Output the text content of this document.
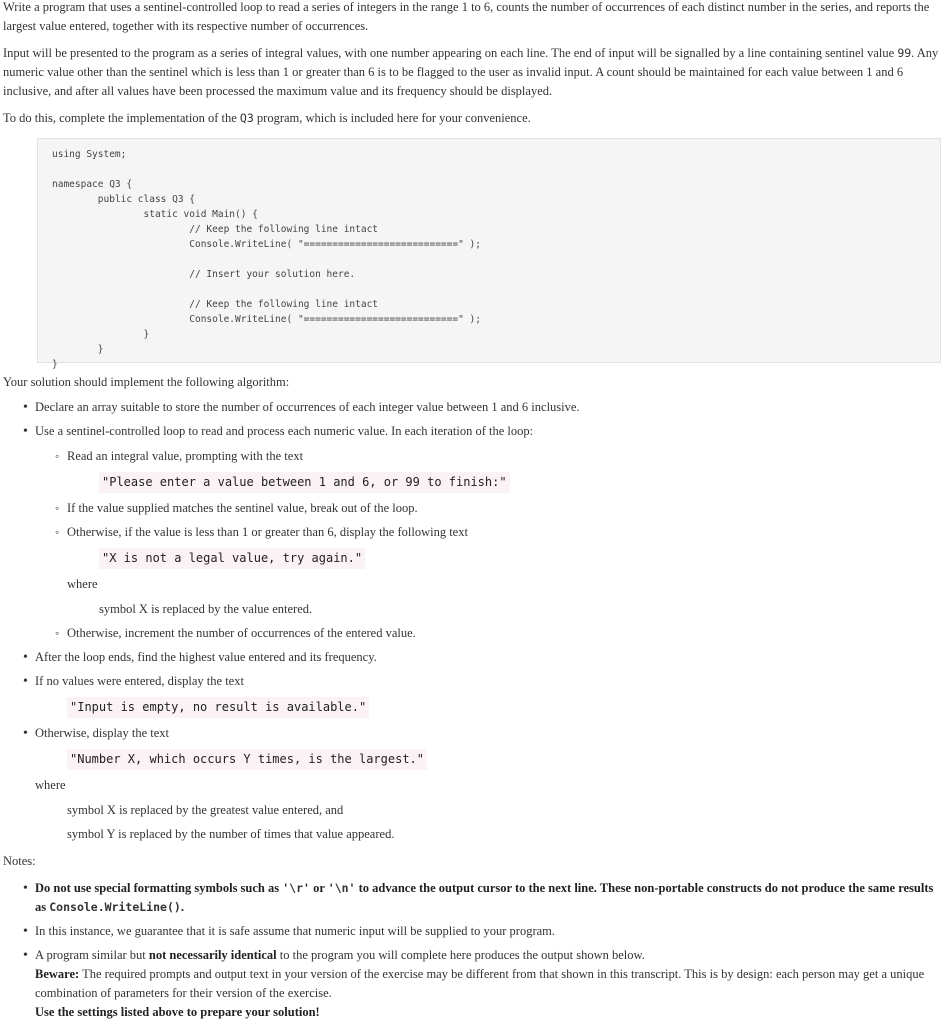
Write a program that uses a sentinel-controlled loop to read a series of integers in the range 1 to 6, counts the number of occurrences of each distinct number in the series, and reports the largest value entered, together with its respective number of occurrences.

Input will be presented to the program as a series of integral values, with one number appearing on each line. The end of input will be signalled by a line containing sentinel value 99. Any numeric value other than the sentinel which is less than 1 or greater than 6 is to be flagged to the user as invalid input. A count should be maintained for each value between 1 and 6 inclusive, and after all values have been processed the maximum value and its frequency should be displayed.

To do this, complete the implementation of the Q3 program, which is included here for your convenience.

using System;

namespace Q3 {
public class Q3 {
static void Main() {
// Keep the following line intact
Console.WriteLine( "===========================" );

// Insert your solution here.

// Keep the following line intact
Console.WriteLine( "===========================" );
}
}
}

Your solution should implement the following algorithm:

• Declare an array suitable to store the number of occurrences of each integer value between 1 and 6 inclusive.
• Use a sentinel-controlled loop to read and process each numeric value. In each iteration of the loop:
◦ Read an integral value, prompting with the text
"Please enter a value between 1 and 6, or 99 to finish:"
◦ If the value supplied matches the sentinel value, break out of the loop.
◦ Otherwise, if the value is less than 1 or greater than 6, display the following text
"X is not a legal value, try again."
where
symbol X is replaced by the value entered.
◦ Otherwise, increment the number of occurrences of the entered value.
• After the loop ends, find the highest value entered and its frequency.
• If no values were entered, display the text
"Input is empty, no result is available."
• Otherwise, display the text
"Number X, which occurs Y times, is the largest."
where
symbol X is replaced by the greatest value entered, and
symbol Y is replaced by the number of times that value appeared.

Notes:

• Do not use special formatting symbols such as '\r' or '\n' to advance the output cursor to the next line. These non-portable constructs do not produce the same results as Console.WriteLine().
• In this instance, we guarantee that it is safe assume that numeric input will be supplied to your program.
• A program similar but not necessarily identical to the program you will complete here produces the output shown below.
Beware: The required prompts and output text in your version of the exercise may be different from that shown in this transcript. This is by design: each person may get a unique combination of parameters for their version of the exercise.
Use the settings listed above to prepare your solution!
